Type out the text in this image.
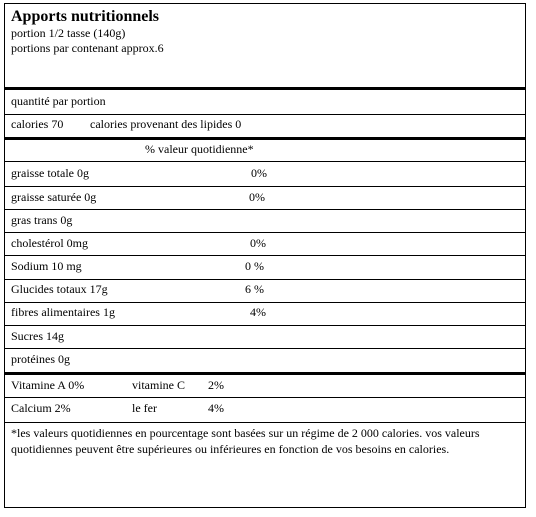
Apports nutritionnels
portion 1/2 tasse (140g)
portions par contenant approx.6
quantité par portion
calories 70 calories provenant des lipides 0
% valeur quotidienne*
graisse totale 0g	0%
graisse saturée 0g	0%
gras trans 0g
cholestérol 0mg	0%
Sodium 10 mg	0 %
Glucides totaux 17g	6 %
fibres alimentaires 1g	4%
Sucres 14g
protéines 0g
Vitamine A 0%	vitamine C 2%
Calcium 2%	le fer	4%
*les valeurs quotidiennes en pourcentage sont basées sur un régime de 2 000 calories. vos valeurs quotidiennes peuvent être supérieures ou inférieures en fonction de vos besoins en calories.
